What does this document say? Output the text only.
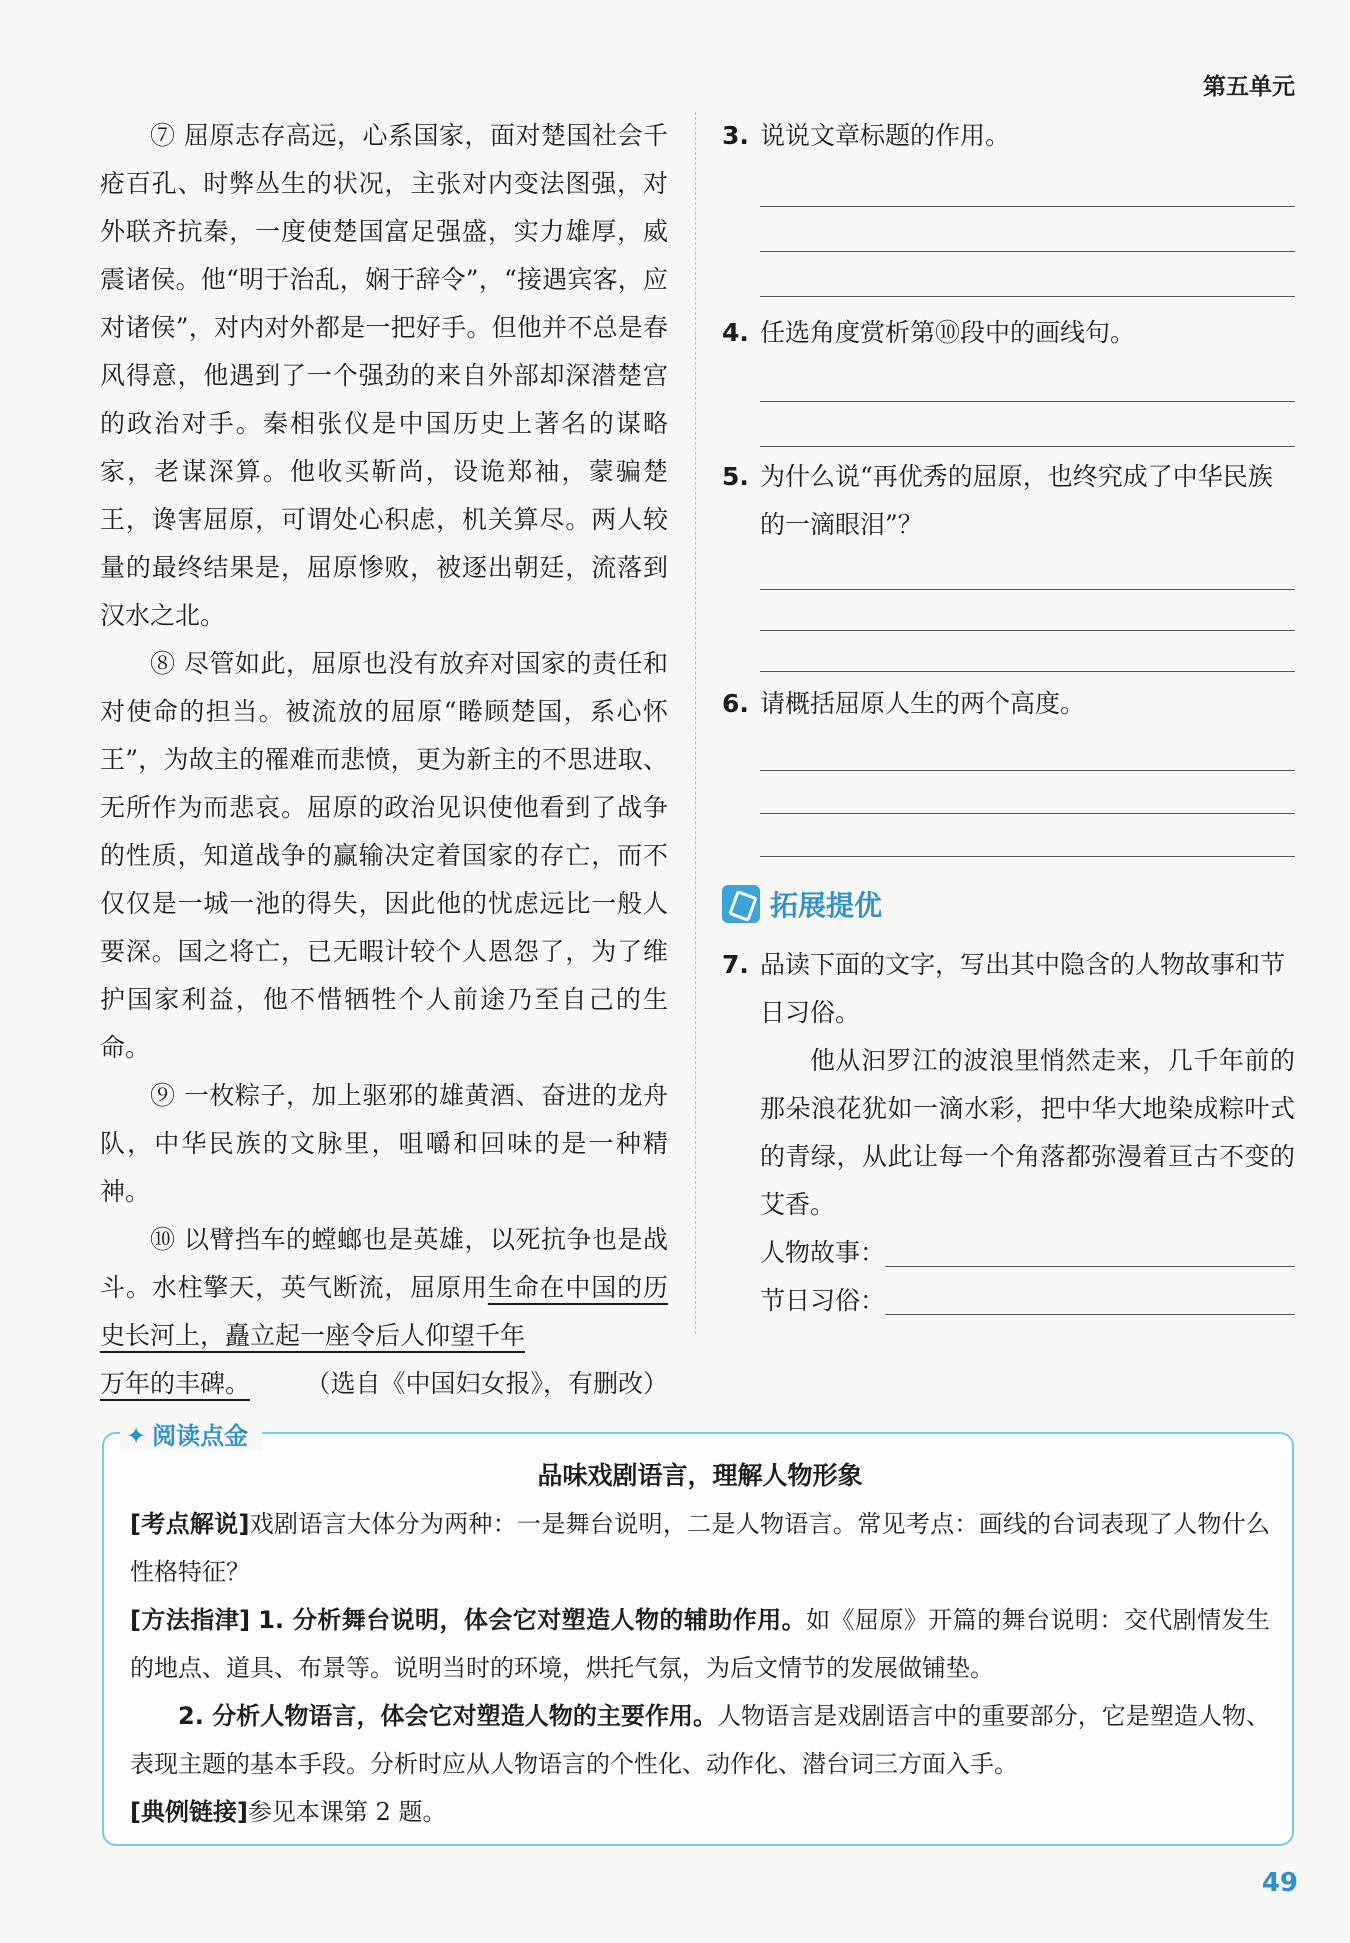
第五单元

⑦ 屈原志存高远，心系国家，面对楚国社会千疮百孔、时弊丛生的状况，主张对内变法图强，对外联齐抗秦，一度使楚国富足强盛，实力雄厚，威震诸侯。他“明于治乱，娴于辞令”，“接遇宾客，应对诸侯”，对内对外都是一把好手。但他并不总是春风得意，他遇到了一个强劲的来自外部却深潜楚宫的政治对手。秦相张仪是中国历史上著名的谋略家，老谋深算。他收买靳尚，设诡郑袖，蒙骗楚王，谗害屈原，可谓处心积虑，机关算尽。两人较量的最终结果是，屈原惨败，被逐出朝廷，流落到汉水之北。

⑧ 尽管如此，屈原也没有放弃对国家的责任和对使命的担当。被流放的屈原“睠顾楚国，系心怀王”，为故主的罹难而悲愤，更为新主的不思进取、无所作为而悲哀。屈原的政治见识使他看到了战争的性质，知道战争的赢输决定着国家的存亡，而不仅仅是一城一池的得失，因此他的忧虑远比一般人要深。国之将亡，已无暇计较个人恩怨了，为了维护国家利益，他不惜牺牲个人前途乃至自己的生命。

⑨ 一枚粽子，加上驱邪的雄黄酒、奋进的龙舟队，中华民族的文脉里，咀嚼和回味的是一种精神。

⑩ 以臂挡车的螳螂也是英雄，以死抗争也是战斗。水柱擎天，英气断流，屈原用生命在中国的历史长河上，矗立起一座令后人仰望千年

万年的丰碑。 （选自《中国妇女报》，有删改）
3. 说说文章标题的作用。
4. 任选角度赏析第⑩段中的画线句。
5. 为什么说“再优秀的屈原，也终究成了中华民族的一滴眼泪”？
6. 请概括屈原人生的两个高度。
拓展提优
7. 品读下面的文字，写出其中隐含的人物故事和节日习俗。
他从汩罗江的波浪里悄然走来，几千年前的那朵浪花犹如一滴水彩，把中华大地染成粽叶式的青绿，从此让每一个角落都弥漫着亘古不变的艾香。
人物故事：
节日习俗：
✦ 阅读点金
品味戏剧语言，理解人物形象

[考点解说]戏剧语言大体分为两种：一是舞台说明，二是人物语言。常见考点：画线的台词表现了人物什么性格特征？

[方法指津] 1. 分析舞台说明，体会它对塑造人物的辅助作用。如《屈原》开篇的舞台说明：交代剧情发生的地点、道具、布景等。说明当时的环境，烘托气氛，为后文情节的发展做铺垫。

2. 分析人物语言，体会它对塑造人物的主要作用。人物语言是戏剧语言中的重要部分，它是塑造人物、表现主题的基本手段。分析时应从人物语言的个性化、动作化、潜台词三方面入手。

[典例链接]参见本课第 2 题。

49
